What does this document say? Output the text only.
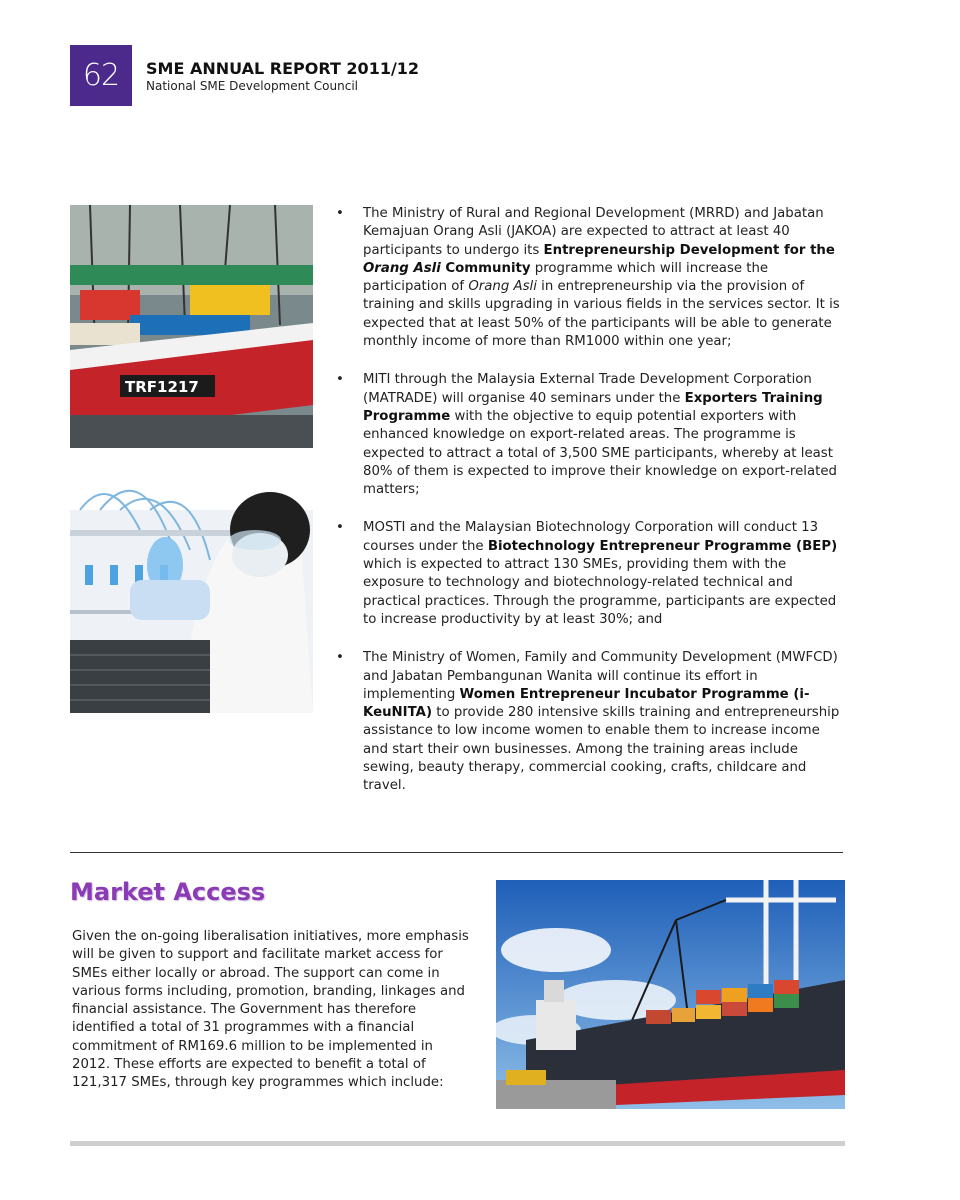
62 SME ANNUAL REPORT 2011/12
National SME Development Council
TRF1217
• The Ministry of Rural and Regional Development (MRRD) and Jabatan Kemajuan Orang Asli (JAKOA) are expected to attract at least 40 participants to undergo its Entrepreneurship Development for the Orang Asli Community programme which will increase the participation of Orang Asli in entrepreneurship via the provision of training and skills upgrading in various fields in the services sector. It is expected that at least 50% of the participants will be able to generate monthly income of more than RM1000 within one year;
• MITI through the Malaysia External Trade Development Corporation (MATRADE) will organise 40 seminars under the Exporters Training Programme with the objective to equip potential exporters with enhanced knowledge on export-related areas. The programme is expected to attract a total of 3,500 SME participants, whereby at least 80% of them is expected to improve their knowledge on export-related matters;
• MOSTI and the Malaysian Biotechnology Corporation will conduct 13 courses under the Biotechnology Entrepreneur Programme (BEP) which is expected to attract 130 SMEs, providing them with the exposure to technology and biotechnology-related technical and practical practices. Through the programme, participants are expected to increase productivity by at least 30%; and
• The Ministry of Women, Family and Community Development (MWFCD) and Jabatan Pembangunan Wanita will continue its effort in implementing Women Entrepreneur Incubator Programme (i-KeuNITA) to provide 280 intensive skills training and entrepreneurship assistance to low income women to enable them to increase income and start their own businesses. Among the training areas include sewing, beauty therapy, commercial cooking, crafts, childcare and travel.
Market Access

Given the on-going liberalisation initiatives, more emphasis will be given to support and facilitate market access for SMEs either locally or abroad. The support can come in various forms including, promotion, branding, linkages and financial assistance. The Government has therefore identified a total of 31 programmes with a financial commitment of RM169.6 million to be implemented in 2012. These efforts are expected to benefit a total of 121,317 SMEs, through key programmes which include:
